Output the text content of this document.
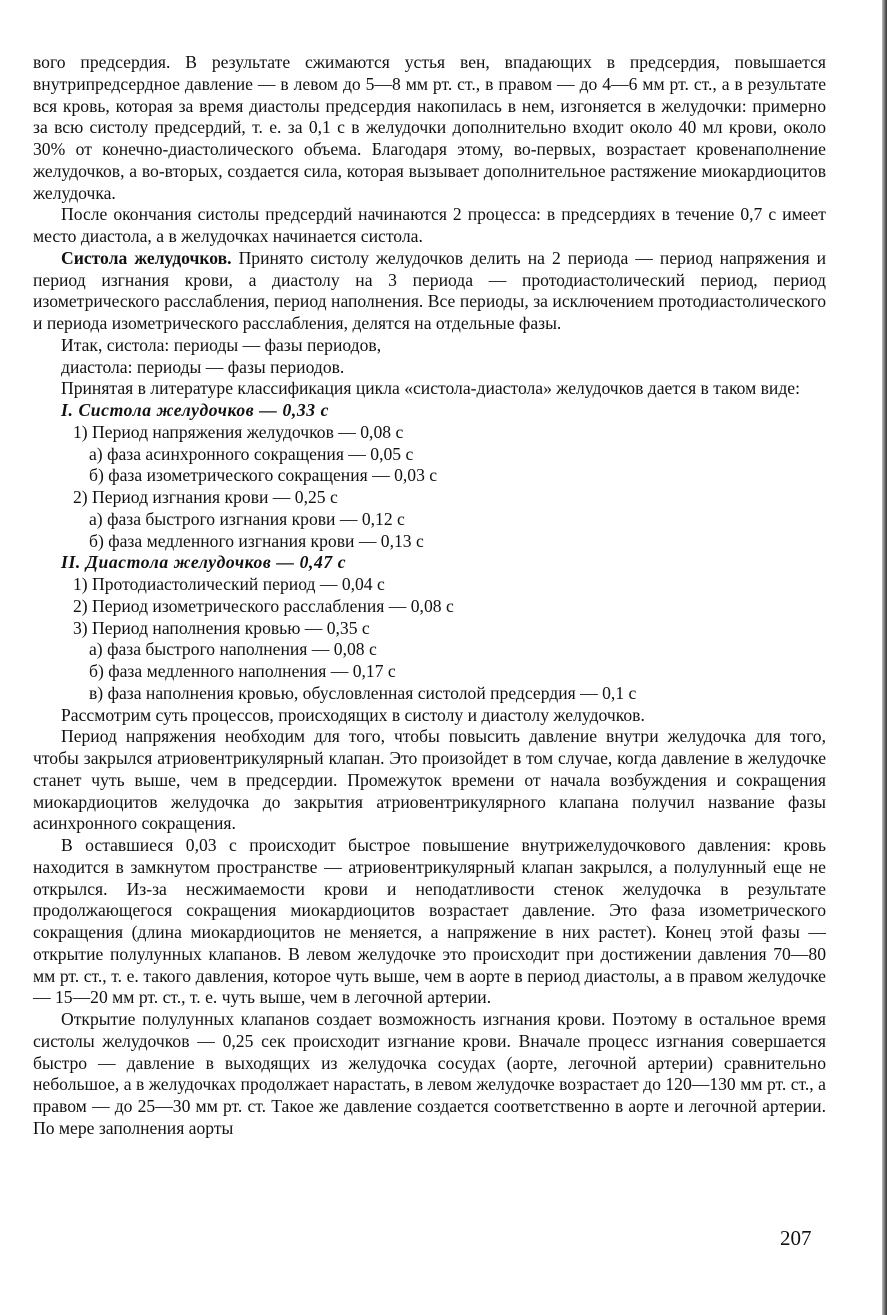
вого предсердия. В результате сжимаются устья вен, впадающих в предсердия, повышается внутрипредсердное давление — в левом до 5—8 мм рт. ст., в правом — до 4—6 мм рт. ст., а в результате вся кровь, которая за время диастолы предсердия накопилась в нем, изгоняется в желудочки: примерно за всю систолу предсердий, т. е. за 0,1 с в желудочки дополнительно входит около 40 мл крови, около 30% от конечно-диастолического объема. Благодаря этому, во-первых, возрастает кровенаполнение желудочков, а во-вторых, создается сила, которая вызывает дополнительное растяжение миокардиоцитов желудочка.

После окончания систолы предсердий начинаются 2 процесса: в предсердиях в течение 0,7 с имеет место диастола, а в желудочках начинается систола.

Систола желудочков. Принято систолу желудочков делить на 2 периода — период напряжения и период изгнания крови, а диастолу на 3 периода — протодиастолический период, период изометрического расслабления, период наполнения. Все периоды, за исключением протодиастолического и периода изометрического расслабления, делятся на отдельные фазы.

Итак, систола: периоды — фазы периодов,

диастола: периоды — фазы периодов.

Принятая в литературе классификация цикла «систола-диастола» желудочков дается в таком виде:

I. Систола желудочков — 0,33 с

1) Период напряжения желудочков — 0,08 с

а) фаза асинхронного сокращения — 0,05 с

б) фаза изометрического сокращения — 0,03 с

2) Период изгнания крови — 0,25 с

а) фаза быстрого изгнания крови — 0,12 с

б) фаза медленного изгнания крови — 0,13 с

II. Диастола желудочков — 0,47 с

1) Протодиастолический период — 0,04 с

2) Период изометрического расслабления — 0,08 с

3) Период наполнения кровью — 0,35 с

а) фаза быстрого наполнения — 0,08 с

б) фаза медленного наполнения — 0,17 с

в) фаза наполнения кровью, обусловленная систолой предсердия — 0,1 с

Рассмотрим суть процессов, происходящих в систолу и диастолу желудочков.

Период напряжения необходим для того, чтобы повысить давление внутри желудочка для того, чтобы закрылся атриовентрикулярный клапан. Это произойдет в том случае, когда давление в желудочке станет чуть выше, чем в предсердии. Промежуток времени от начала возбуждения и сокращения миокардиоцитов желудочка до закрытия атриовентрикулярного клапана получил название фазы асинхронного сокращения.

В оставшиеся 0,03 с происходит быстрое повышение внутрижелудочкового давления: кровь находится в замкнутом пространстве — атриовентрикулярный клапан закрылся, а полулунный еще не открылся. Из-за несжимаемости крови и неподатливости стенок желудочка в результате продолжающегося сокращения миокардиоцитов возрастает давление. Это фаза изометрического сокращения (длина миокардиоцитов не меняется, а напряжение в них растет). Конец этой фазы — открытие полулунных клапанов. В левом желудочке это происходит при достижении давления 70—80 мм рт. ст., т. е. такого давления, которое чуть выше, чем в аорте в период диастолы, а в правом желудочке — 15—20 мм рт. ст., т. е. чуть выше, чем в легочной артерии.

Открытие полулунных клапанов создает возможность изгнания крови. Поэтому в остальное время систолы желудочков — 0,25 сек происходит изгнание крови. Вначале процесс изгнания совершается быстро — давление в выходящих из желудочка сосудах (аорте, легочной артерии) сравнительно небольшое, а в желудочках продолжает нарастать, в левом желудочке возрастает до 120—130 мм рт. ст., а правом — до 25—30 мм рт. ст. Такое же давление создается соответственно в аорте и легочной артерии. По мере заполнения аорты

207
